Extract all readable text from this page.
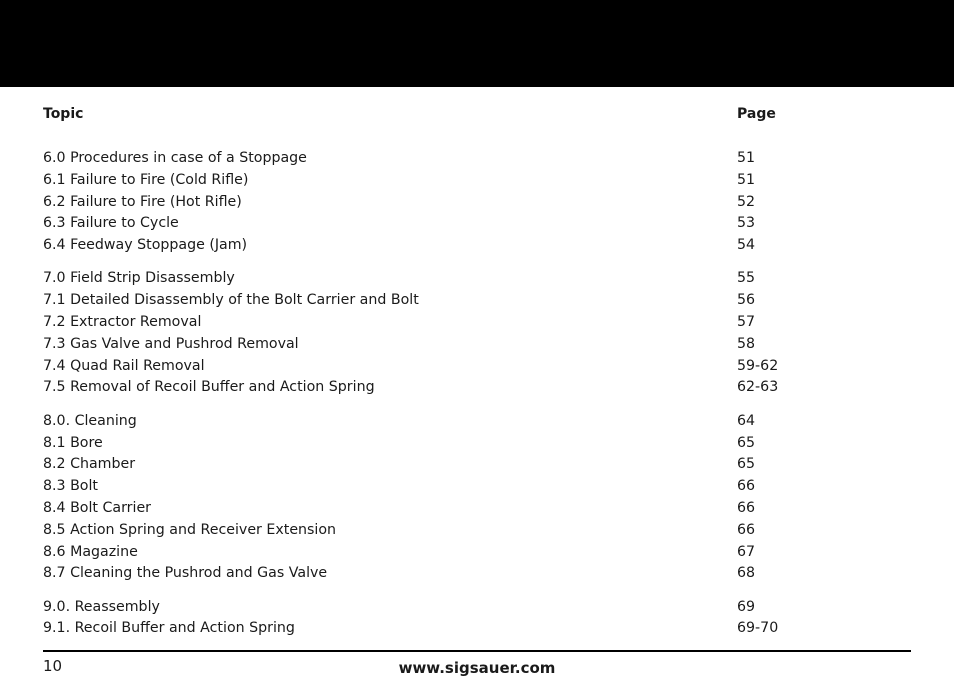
Topic	Page
6.0 Procedures in case of a Stoppage	51
6.1 Failure to Fire (Cold Rifle)	51
6.2 Failure to Fire (Hot Rifle)	52
6.3 Failure to Cycle	53
6.4 Feedway Stoppage (Jam)	54
7.0 Field Strip Disassembly	55
7.1 Detailed Disassembly of the Bolt Carrier and Bolt	56
7.2 Extractor Removal	57
7.3 Gas Valve and Pushrod Removal	58
7.4 Quad Rail Removal	59-62
7.5 Removal of Recoil Buffer and Action Spring	62-63
8.0. Cleaning	64
8.1 Bore	65
8.2 Chamber	65
8.3 Bolt	66
8.4 Bolt Carrier	66
8.5 Action Spring and Receiver Extension	66
8.6 Magazine	67
8.7 Cleaning the Pushrod and Gas Valve	68
9.0. Reassembly	69
9.1. Recoil Buffer and Action Spring	69-70
10	www.sigsauer.com
